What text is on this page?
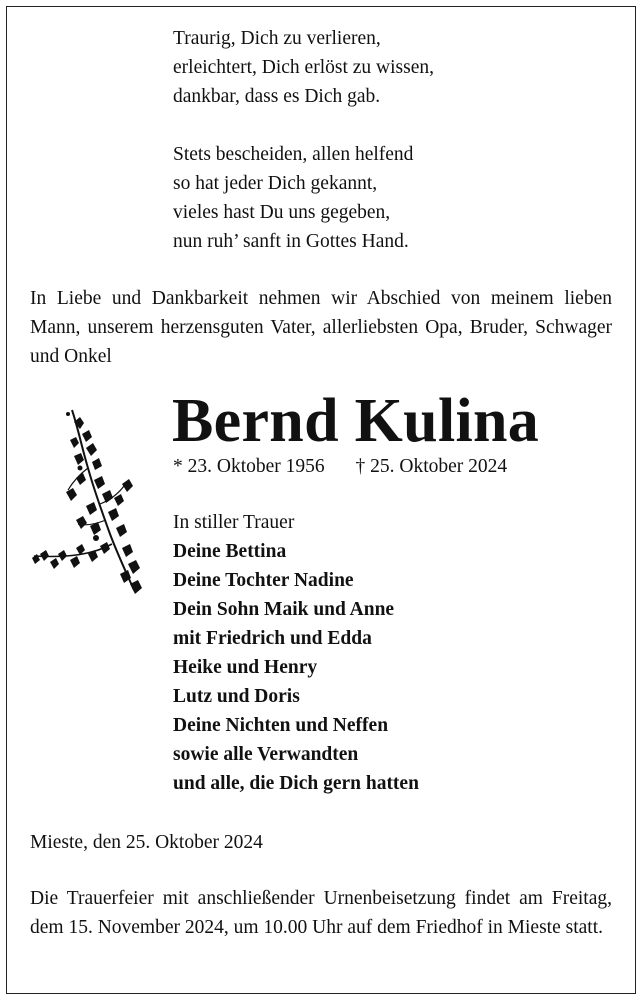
Traurig, Dich zu verlieren,

erleichtert, Dich erlöst zu wissen,

dankbar, dass es Dich gab.

Stets bescheiden, allen helfend

so hat jeder Dich gekannt,

vieles hast Du uns gegeben,

nun ruh’ sanft in Gottes Hand.

In Liebe und Dankbarkeit nehmen wir Abschied von meinem lieben Mann, unserem herzensguten Vater, allerliebsten Opa, Bruder, Schwager und Onkel
Bernd Kulina
* 23. Oktober 1956 † 25. Oktober 2024
In stiller Trauer
Deine Bettina
Deine Tochter Nadine
Dein Sohn Maik und Anne
mit Friedrich und Edda
Heike und Henry
Lutz und Doris
Deine Nichten und Neffen
sowie alle Verwandten
und alle, die Dich gern hatten
Mieste, den 25. Oktober 2024
Die Trauerfeier mit anschließender Urnenbeisetzung findet am Freitag, dem 15. November 2024, um 10.00 Uhr auf dem Friedhof in Mieste statt.
